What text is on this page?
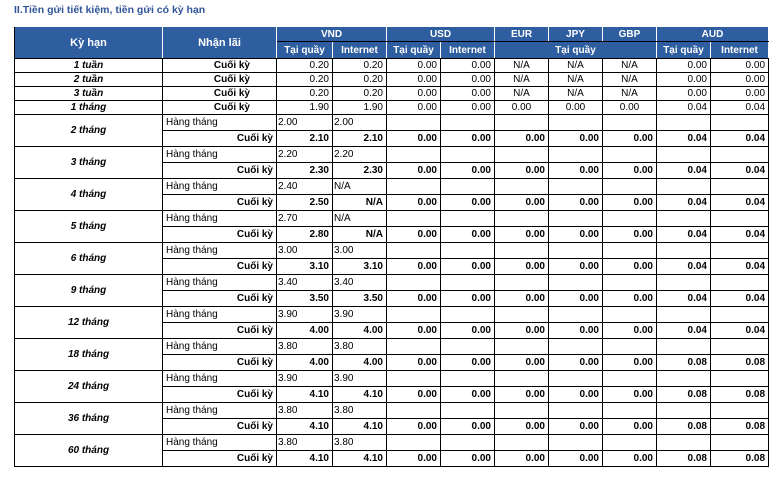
II.Tiền gửi tiết kiệm, tiền gửi có kỳ hạn
Kỳ hạn	Nhận lãi	VND		USD		EUR	JPY	GBP	AUD	
		Tại quầy	Internet	Tại quầy	Internet	Tại quầy			Tại quầy	Internet
1 tuần	Cuối kỳ	0.20	0.20	0.00	0.00	N/A	N/A	N/A	0.00	0.00
2 tuần	Cuối kỳ	0.20	0.20	0.00	0.00	N/A	N/A	N/A	0.00	0.00
3 tuần	Cuối kỳ	0.20	0.20	0.00	0.00	N/A	N/A	N/A	0.00	0.00
1 tháng	Cuối kỳ	1.90	1.90	0.00	0.00	0.00	0.00	0.00	0.04	0.04
2 tháng	Hàng tháng	2.00	2.00							
	Cuối kỳ	2.10	2.10	0.00	0.00	0.00	0.00	0.00	0.04	0.04
3 tháng	Hàng tháng	2.20	2.20							
	Cuối kỳ	2.30	2.30	0.00	0.00	0.00	0.00	0.00	0.04	0.04
4 tháng	Hàng tháng	2.40	N/A							
	Cuối kỳ	2.50	N/A	0.00	0.00	0.00	0.00	0.00	0.04	0.04
5 tháng	Hàng tháng	2.70	N/A							
	Cuối kỳ	2.80	N/A	0.00	0.00	0.00	0.00	0.00	0.04	0.04
6 tháng	Hàng tháng	3.00	3.00							
	Cuối kỳ	3.10	3.10	0.00	0.00	0.00	0.00	0.00	0.04	0.04
9 tháng	Hàng tháng	3.40	3.40							
	Cuối kỳ	3.50	3.50	0.00	0.00	0.00	0.00	0.00	0.04	0.04
12 tháng	Hàng tháng	3.90	3.90							
	Cuối kỳ	4.00	4.00	0.00	0.00	0.00	0.00	0.00	0.04	0.04
18 tháng	Hàng tháng	3.80	3.80							
	Cuối kỳ	4.00	4.00	0.00	0.00	0.00	0.00	0.00	0.08	0.08
24 tháng	Hàng tháng	3.90	3.90							
	Cuối kỳ	4.10	4.10	0.00	0.00	0.00	0.00	0.00	0.08	0.08
36 tháng	Hàng tháng	3.80	3.80							
	Cuối kỳ	4.10	4.10	0.00	0.00	0.00	0.00	0.00	0.08	0.08
60 tháng	Hàng tháng	3.80	3.80							
	Cuối kỳ	4.10	4.10	0.00	0.00	0.00	0.00	0.00	0.08	0.08
